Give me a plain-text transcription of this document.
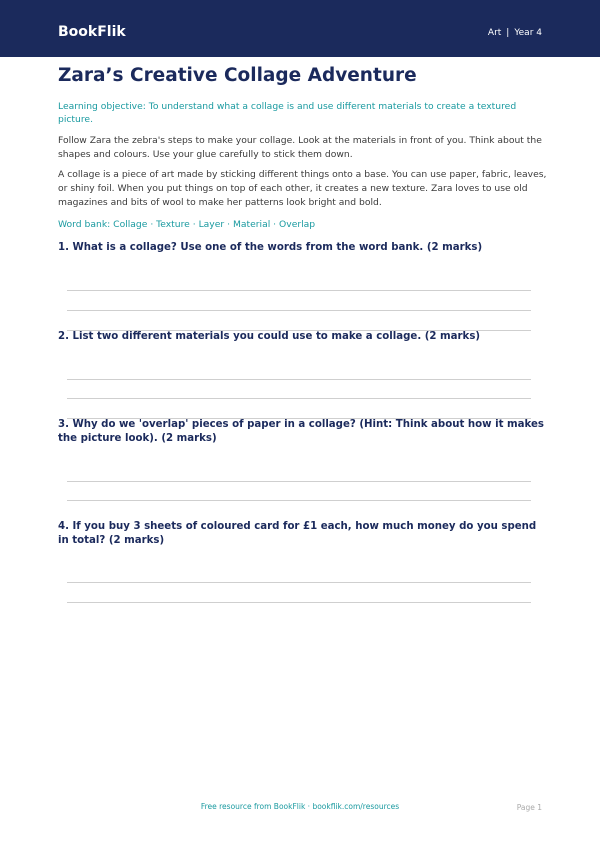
BookFlik	Art | Year 4
Zara’s Creative Collage Adventure

Learning objective: To understand what a collage is and use different materials to create a textured picture.

Follow Zara the zebra's steps to make your collage. Look at the materials in front of you. Think about the shapes and colours. Use your glue carefully to stick them down.

A collage is a piece of art made by sticking different things onto a base. You can use paper, fabric, leaves, or shiny foil. When you put things on top of each other, it creates a new texture. Zara loves to use old magazines and bits of wool to make her patterns look bright and bold.

Word bank: Collage · Texture · Layer · Material · Overlap

1. What is a collage? Use one of the words from the word bank. (2 marks)
2. List two different materials you could use to make a collage. (2 marks)
3. Why do we 'overlap' pieces of paper in a collage? (Hint: Think about how it makes the picture look). (2 marks)
4. If you buy 3 sheets of coloured card for £1 each, how much money do you spend in total? (2 marks)
Free resource from BookFlik · bookflik.com/resources	Page 1
